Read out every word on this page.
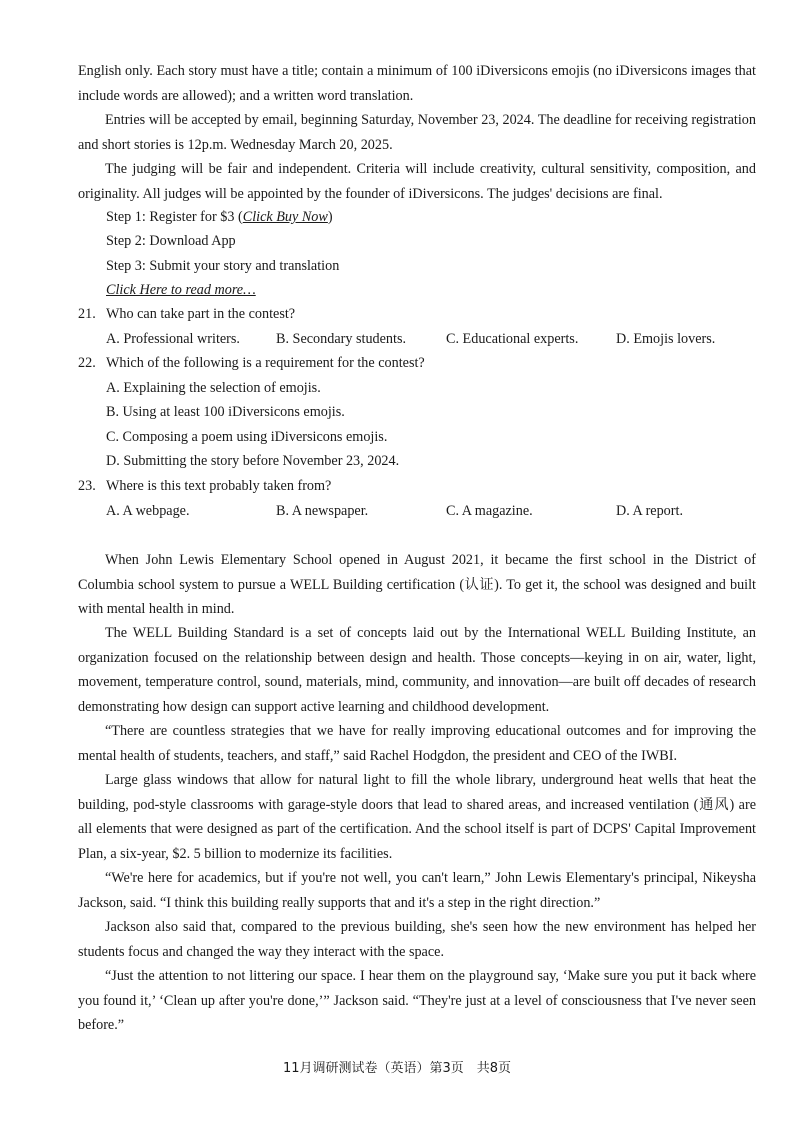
English only. Each story must have a title; contain a minimum of 100 iDiversicons emojis (no iDiversicons images that include words are allowed); and a written word translation.

Entries will be accepted by email, beginning Saturday, November 23, 2024. The deadline for receiving registration and short stories is 12p.m. Wednesday March 20, 2025.

The judging will be fair and independent. Criteria will include creativity, cultural sensitivity, composition, and originality. All judges will be appointed by the founder of iDiversicons. The judges' decisions are final.

Step 1: Register for $3 (Click Buy Now)

Step 2: Download App

Step 3: Submit your story and translation

Click Here to read more…

21. Who can take part in the contest?

A. Professional writers.	B. Secondary students.	C. Educational experts.	D. Emojis lovers.

22. Which of the following is a requirement for the contest?

A. Explaining the selection of emojis.

B. Using at least 100 iDiversicons emojis.

C. Composing a poem using iDiversicons emojis.

D. Submitting the story before November 23, 2024.

23. Where is this text probably taken from?

A. A webpage.	B. A newspaper.	C. A magazine.	D. A report.

When John Lewis Elementary School opened in August 2021, it became the first school in the District of Columbia school system to pursue a WELL Building certification (认证). To get it, the school was designed and built with mental health in mind.

The WELL Building Standard is a set of concepts laid out by the International WELL Building Institute, an organization focused on the relationship between design and health. Those concepts—keying in on air, water, light, movement, temperature control, sound, materials, mind, community, and innovation—are built off decades of research demonstrating how design can support active learning and childhood development.

“There are countless strategies that we have for really improving educational outcomes and for improving the mental health of students, teachers, and staff,” said Rachel Hodgdon, the president and CEO of the IWBI.

Large glass windows that allow for natural light to fill the whole library, underground heat wells that heat the building, pod-style classrooms with garage-style doors that lead to shared areas, and increased ventilation (通风) are all elements that were designed as part of the certification. And the school itself is part of DCPS' Capital Improvement Plan, a six-year, $2. 5 billion to modernize its facilities.

“We're here for academics, but if you're not well, you can't learn,” John Lewis Elementary's principal, Nikeysha Jackson, said. “I think this building really supports that and it's a step in the right direction.”

Jackson also said that, compared to the previous building, she's seen how the new environment has helped her students focus and changed the way they interact with the space.

“Just the attention to not littering our space. I hear them on the playground say, ‘Make sure you put it back where you found it,’ ‘Clean up after you're done,’” Jackson said. “They're just at a level of consciousness that I've never seen before.”

11月调研测试卷（英语）第3页　共8页
